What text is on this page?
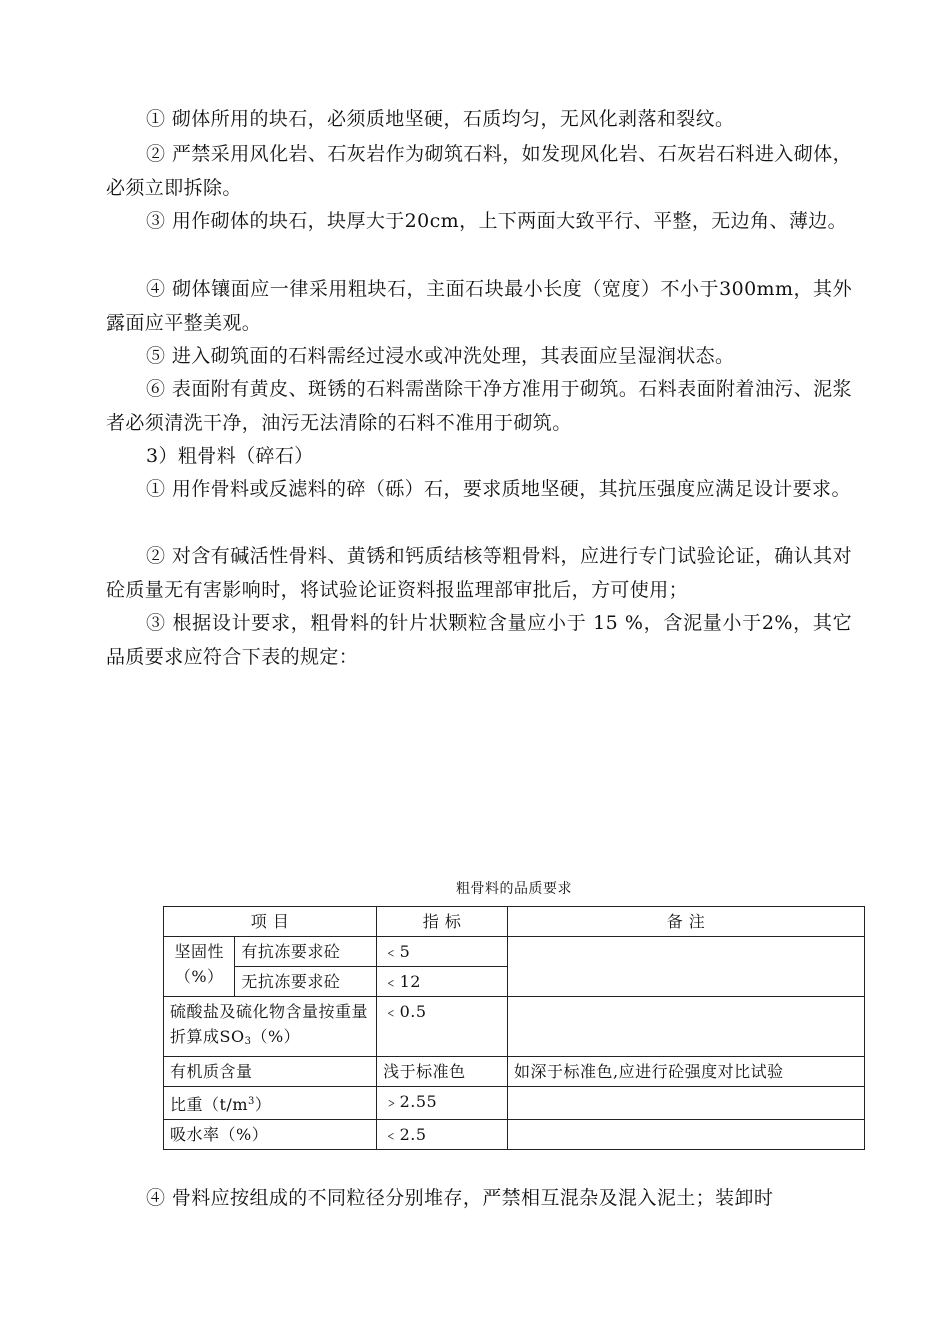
① 砌体所用的块石，必须质地坚硬，石质均匀，无风化剥落和裂纹。

② 严禁采用风化岩、石灰岩作为砌筑石料，如发现风化岩、石灰岩石料进入砌体，必须立即拆除。

③ 用作砌体的块石，块厚大于20cm，上下两面大致平行、平整，无边角、薄边。

④ 砌体镶面应一律采用粗块石，主面石块最小长度（宽度）不小于300mm，其外露面应平整美观。

⑤ 进入砌筑面的石料需经过浸水或冲洗处理，其表面应呈湿润状态。

⑥ 表面附有黄皮、斑锈的石料需凿除干净方准用于砌筑。石料表面附着油污、泥浆者必须清洗干净，油污无法清除的石料不准用于砌筑。

3）粗骨料（碎石）

① 用作骨料或反滤料的碎（砾）石，要求质地坚硬，其抗压强度应满足设计要求。

② 对含有碱活性骨料、黄锈和钙质结核等粗骨料，应进行专门试验论证，确认其对砼质量无有害影响时，将试验论证资料报监理部审批后，方可使用；

③ 根据设计要求，粗骨料的针片状颗粒含量应小于 15 %，含泥量小于2%，其它品质要求应符合下表的规定：

粗骨料的品质要求
项 目		指 标	备 注
坚固性（%）	有抗冻要求砼	﹤5	
	无抗冻要求砼	﹤12	
硫酸盐及硫化物含量按重量折算成$SO_3(\%)$		﹤0.5	
有机质含量		浅于标准色	如深于标准色,应进行砼强度对比试验
比重$(t/m^3)$		﹥2.55	
吸水率（%）		﹤2.5	

④ 骨料应按组成的不同粒径分别堆存，严禁相互混杂及混入泥土；装卸时
